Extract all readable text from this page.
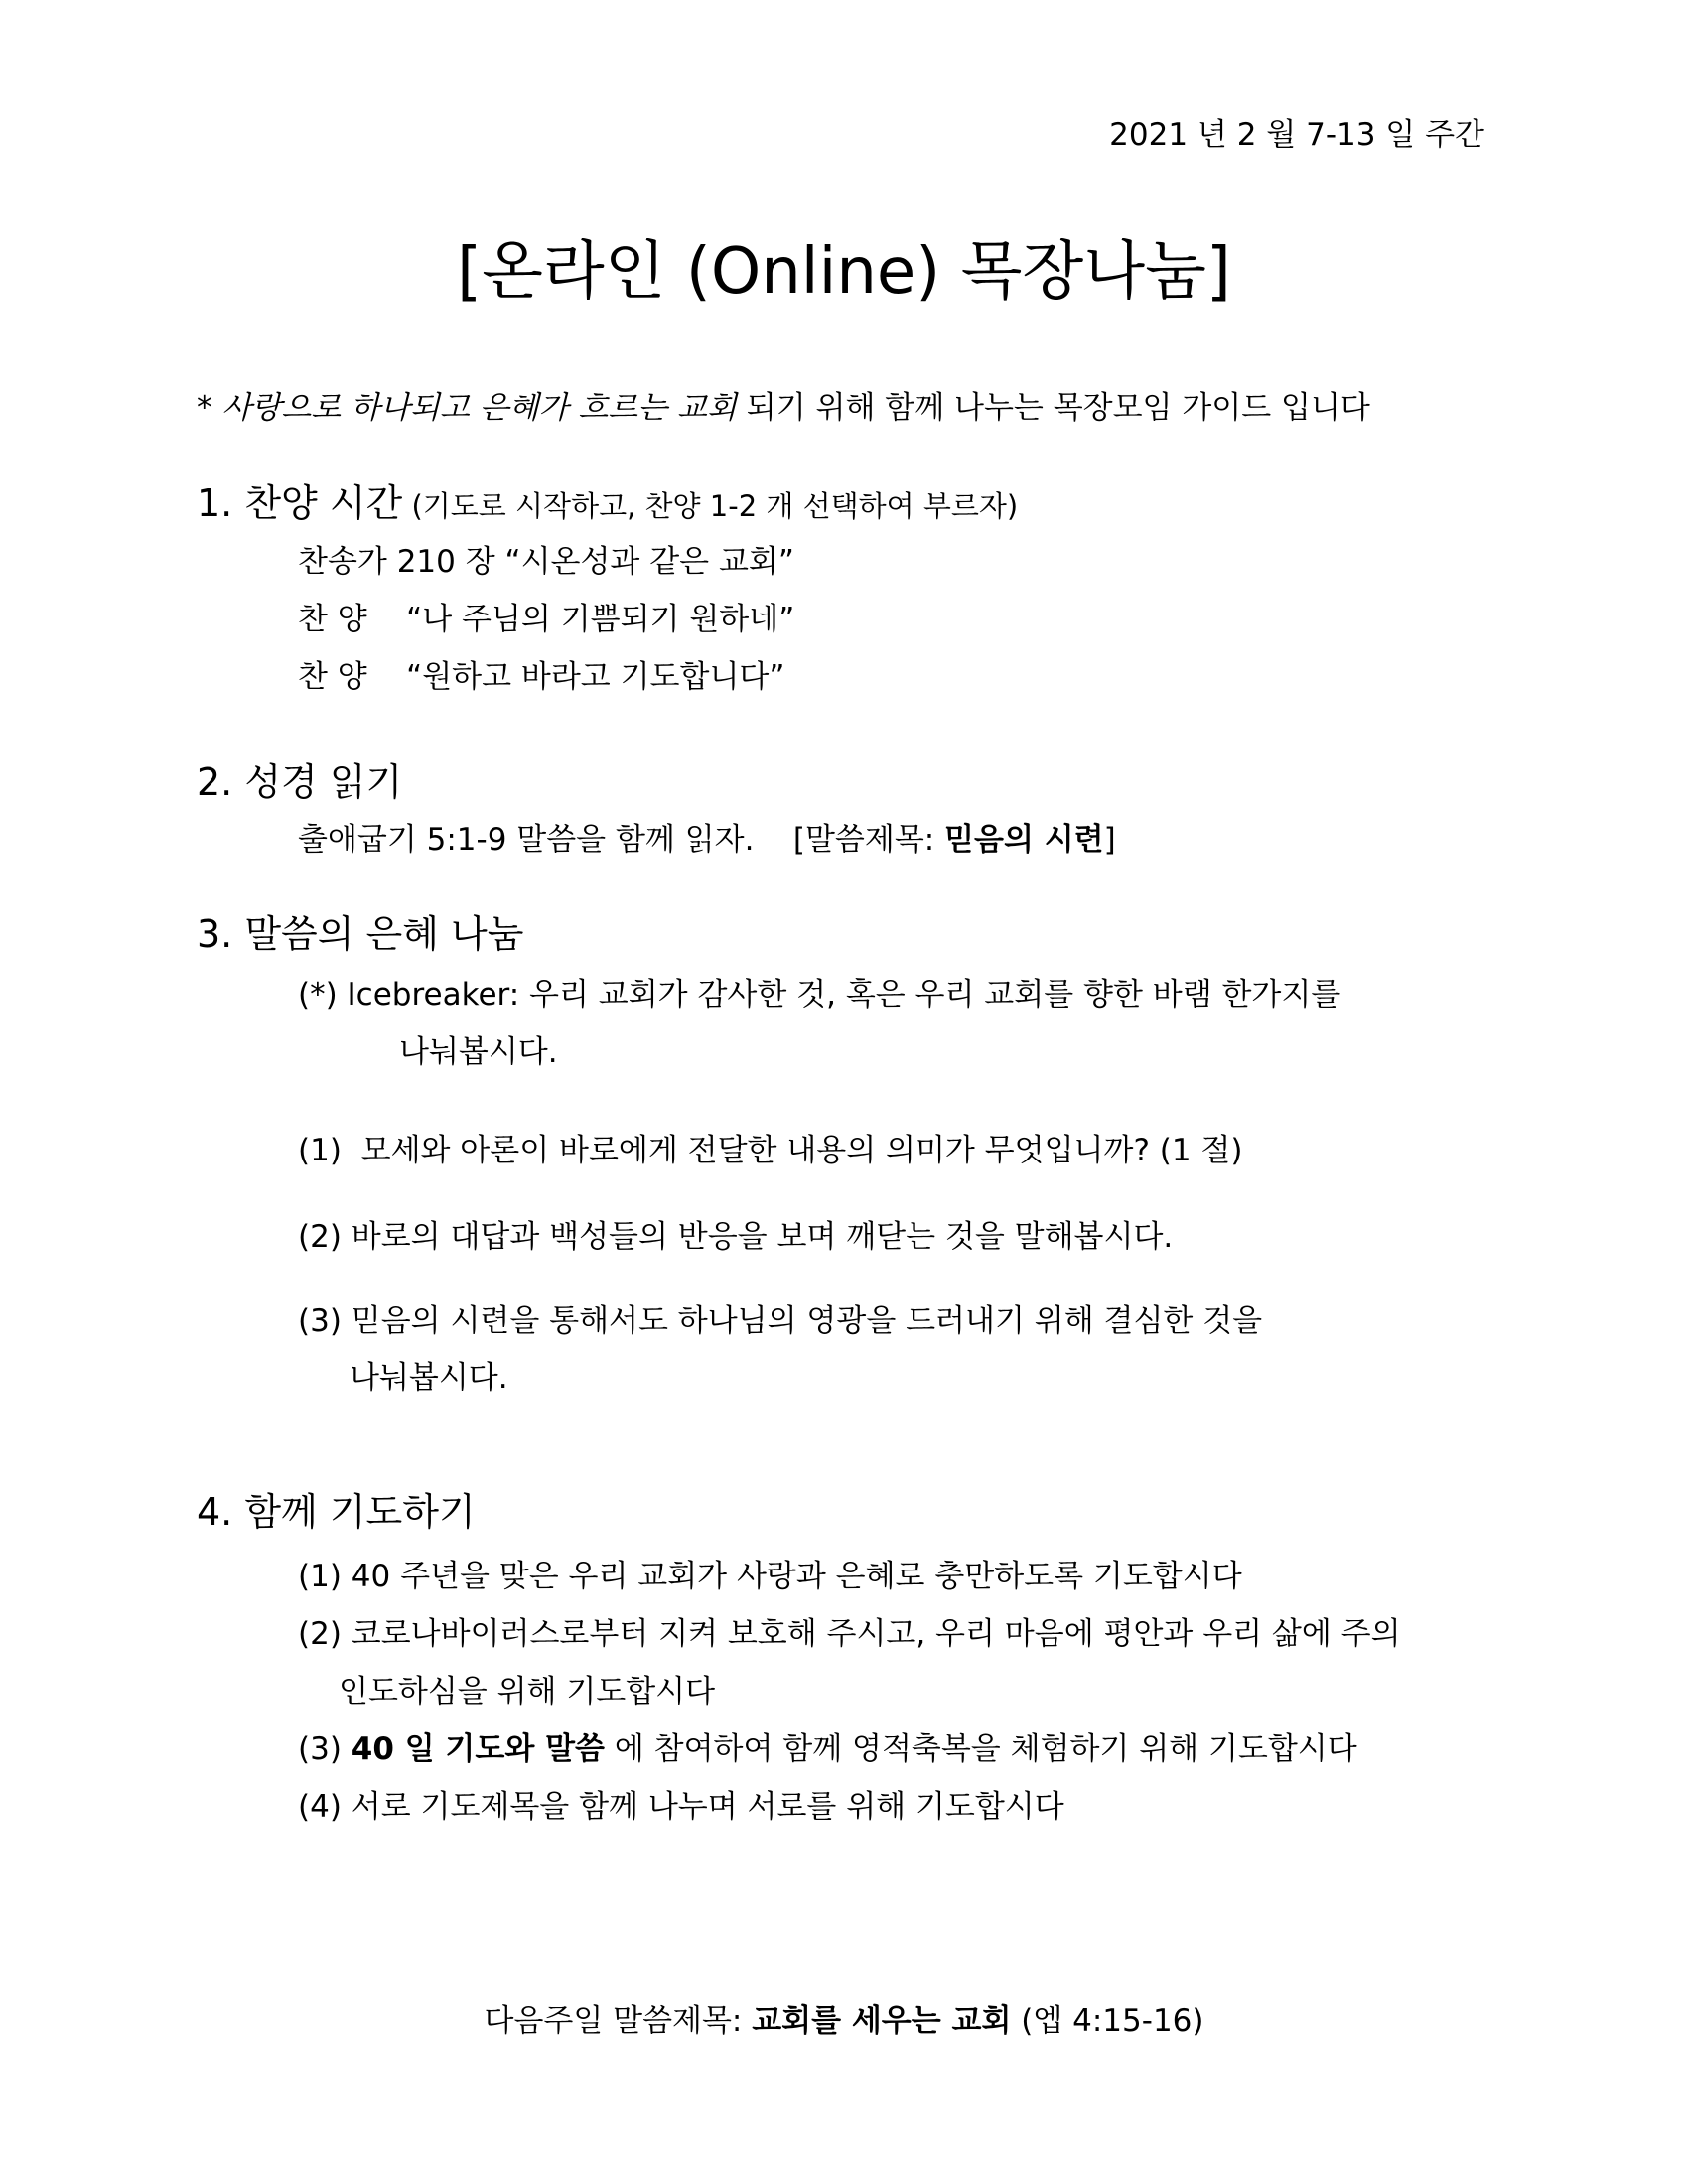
2021 년 2 월 7-13 일 주간
[온라인 (Online) 목장나눔]
* 사랑으로 하나되고 은혜가 흐르는 교회 되기 위해 함께 나누는 목장모임 가이드 입니다
1. 찬양 시간 (기도로 시작하고, 찬양 1-2 개 선택하여 부르자)
찬송가 210 장 “시온성과 같은 교회”
찬 양    “나 주님의 기쁨되기 원하네”
찬 양    “원하고 바라고 기도합니다”
2. 성경 읽기
출애굽기 5:1-9 말씀을 함께 읽자.    [말씀제목: 믿음의 시련]
3. 말씀의 은혜 나눔
(*) Icebreaker: 우리 교회가 감사한 것, 혹은 우리 교회를 향한 바램 한가지를
나눠봅시다.
(1)  모세와 아론이 바로에게 전달한 내용의 의미가 무엇입니까? (1 절)
(2) 바로의 대답과 백성들의 반응을 보며 깨닫는 것을 말해봅시다.
(3) 믿음의 시련을 통해서도 하나님의 영광을 드러내기 위해 결심한 것을
나눠봅시다.
4. 함께 기도하기
(1) 40 주년을 맞은 우리 교회가 사랑과 은혜로 충만하도록 기도합시다
(2) 코로나바이러스로부터 지켜 보호해 주시고, 우리 마음에 평안과 우리 삶에 주의
인도하심을 위해 기도합시다
(3) 40 일 기도와 말씀 에 참여하여 함께 영적축복을 체험하기 위해 기도합시다
(4) 서로 기도제목을 함께 나누며 서로를 위해 기도합시다
다음주일 말씀제목: 교회를 세우는 교회 (엡 4:15-16)
